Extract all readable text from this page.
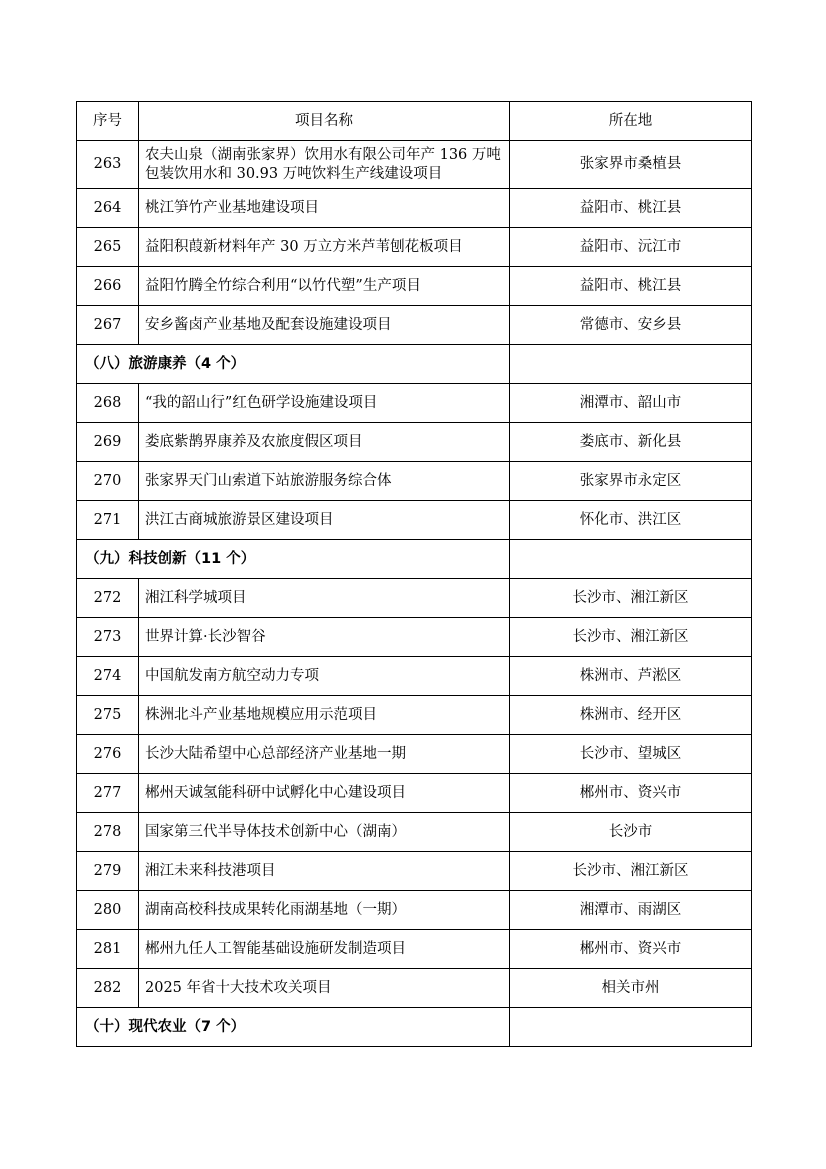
序号	项目名称	所在地
263	农夫山泉（湖南张家界）饮用水有限公司年产 136 万吨包装饮用水和 30.93 万吨饮料生产线建设项目	张家界市桑植县
264	桃江笋竹产业基地建设项目	益阳市、桃江县
265	益阳积葭新材料年产 30 万立方米芦苇刨花板项目	益阳市、沅江市
266	益阳竹腾全竹综合利用“以竹代塑”生产项目	益阳市、桃江县
267	安乡酱卤产业基地及配套设施建设项目	常德市、安乡县
（八）旅游康养（4 个）		
268	“我的韶山行”红色研学设施建设项目	湘潭市、韶山市
269	娄底紫鹊界康养及农旅度假区项目	娄底市、新化县
270	张家界天门山索道下站旅游服务综合体	张家界市永定区
271	洪江古商城旅游景区建设项目	怀化市、洪江区
（九）科技创新（11 个）		
272	湘江科学城项目	长沙市、湘江新区
273	世界计算·长沙智谷	长沙市、湘江新区
274	中国航发南方航空动力专项	株洲市、芦淞区
275	株洲北斗产业基地规模应用示范项目	株洲市、经开区
276	长沙大陆希望中心总部经济产业基地一期	长沙市、望城区
277	郴州天诚氢能科研中试孵化中心建设项目	郴州市、资兴市
278	国家第三代半导体技术创新中心（湖南）	长沙市
279	湘江未来科技港项目	长沙市、湘江新区
280	湖南高校科技成果转化雨湖基地（一期）	湘潭市、雨湖区
281	郴州九任人工智能基础设施研发制造项目	郴州市、资兴市
282	2025 年省十大技术攻关项目	相关市州
（十）现代农业（7 个）		
